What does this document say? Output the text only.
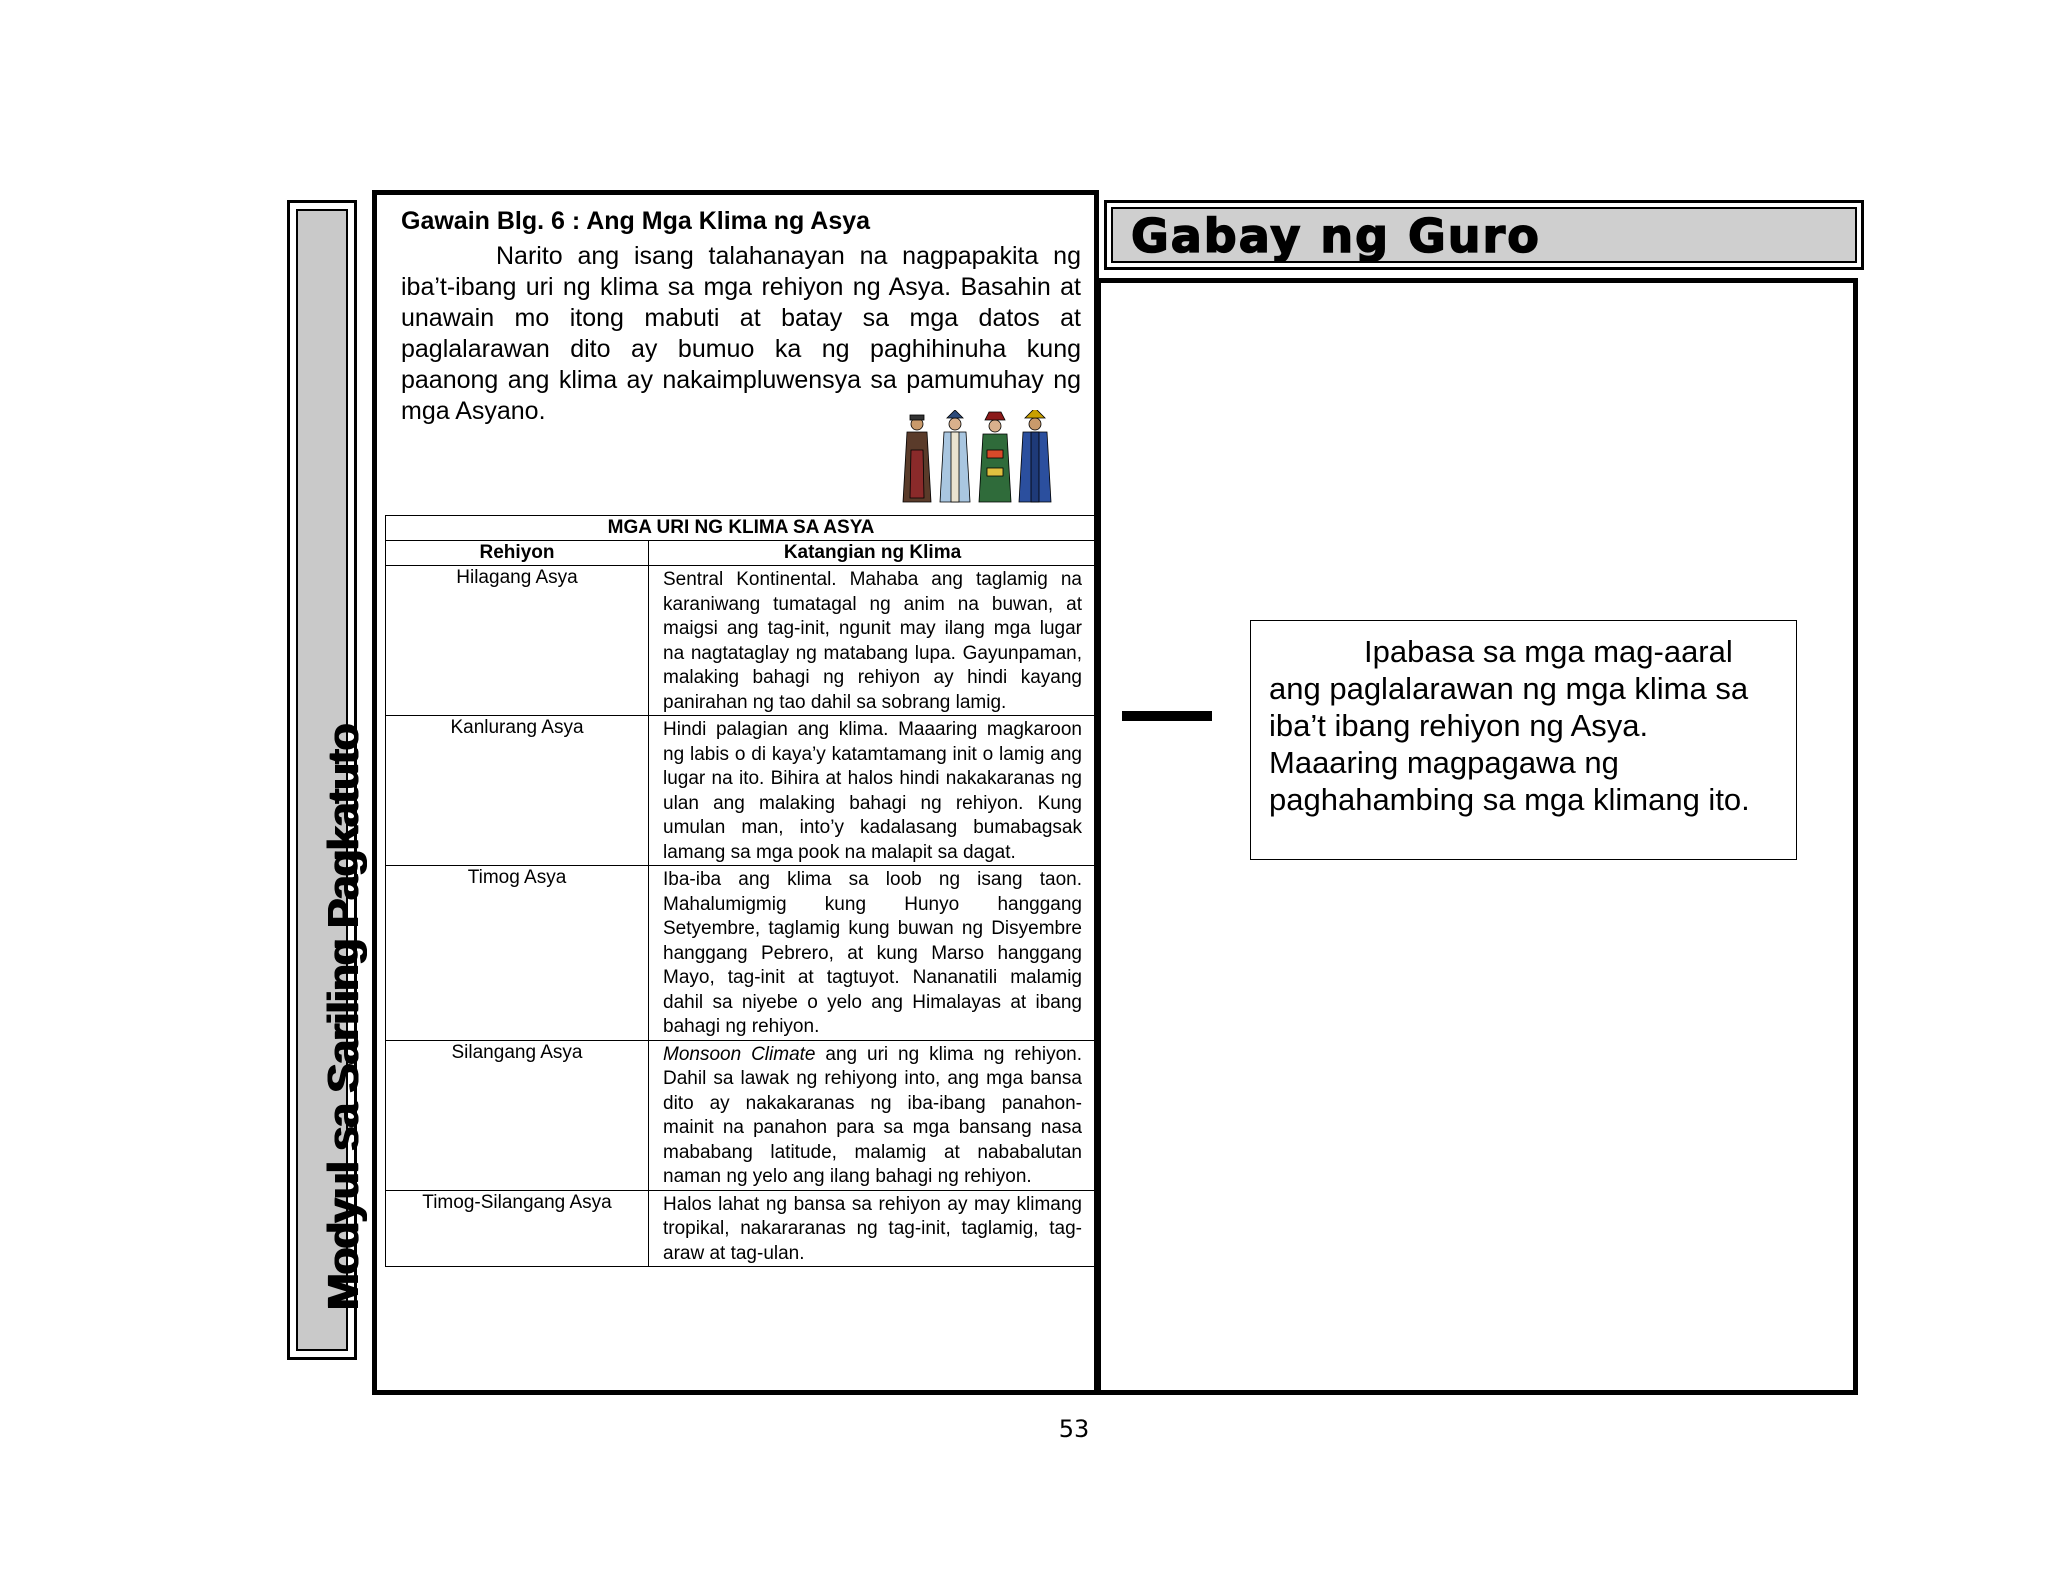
Modyul sa Sariling Pagkatuto
Gawain Blg. 6 : Ang Mga Klima ng Asya
Narito ang isang talahanayan na nagpapakita ng iba’t-ibang uri ng klima sa mga rehiyon ng Asya. Basahin at unawain mo itong mabuti at batay sa mga datos at paglalarawan dito ay bumuo ka ng paghihinuha kung paanong ang klima ay nakaimpluwensya sa pamumuhay ng mga Asyano.
MGA URI NG KLIMA SA ASYA	
Rehiyon	Katangian ng Klima
Hilagang Asya	Sentral Kontinental. Mahaba ang taglamig na karaniwang tumatagal ng anim na buwan, at maigsi ang tag-init, ngunit may ilang mga lugar na nagtataglay ng matabang lupa. Gayunpaman, malaking bahagi ng rehiyon ay hindi kayang panirahan ng tao dahil sa sobrang lamig.
Kanlurang Asya	Hindi palagian ang klima. Maaaring magkaroon ng labis o di kaya’y katamtamang init o lamig ang lugar na ito. Bihira at halos hindi nakakaranas ng ulan ang malaking bahagi ng rehiyon. Kung umulan man, into’y kadalasang bumabagsak lamang sa mga pook na malapit sa dagat.
Timog Asya	Iba-iba ang klima sa loob ng isang taon. Mahalumigmig kung Hunyo hanggang Setyembre, taglamig kung buwan ng Disyembre hanggang Pebrero, at kung Marso hanggang Mayo, tag-init at tagtuyot. Nananatili malamig dahil sa niyebe o yelo ang Himalayas at ibang bahagi ng rehiyon.
Silangang Asya	Monsoon Climate ang uri ng klima ng rehiyon. Dahil sa lawak ng rehiyong into, ang mga bansa dito ay nakakaranas ng iba-ibang panahon- mainit na panahon para sa mga bansang nasa mababang latitude, malamig at nababalutan naman ng yelo ang ilang bahagi ng rehiyon.
Timog-Silangang Asya	Halos lahat ng bansa sa rehiyon ay may klimang tropikal, nakararanas ng tag-init, taglamig, tag-araw at tag-ulan.
Gabay ng Guro
Ipabasa sa mga mag-aaral ang paglalarawan ng mga klima sa iba’t ibang rehiyon ng Asya. Maaaring magpagawa ng paghahambing sa mga klimang ito.
53
